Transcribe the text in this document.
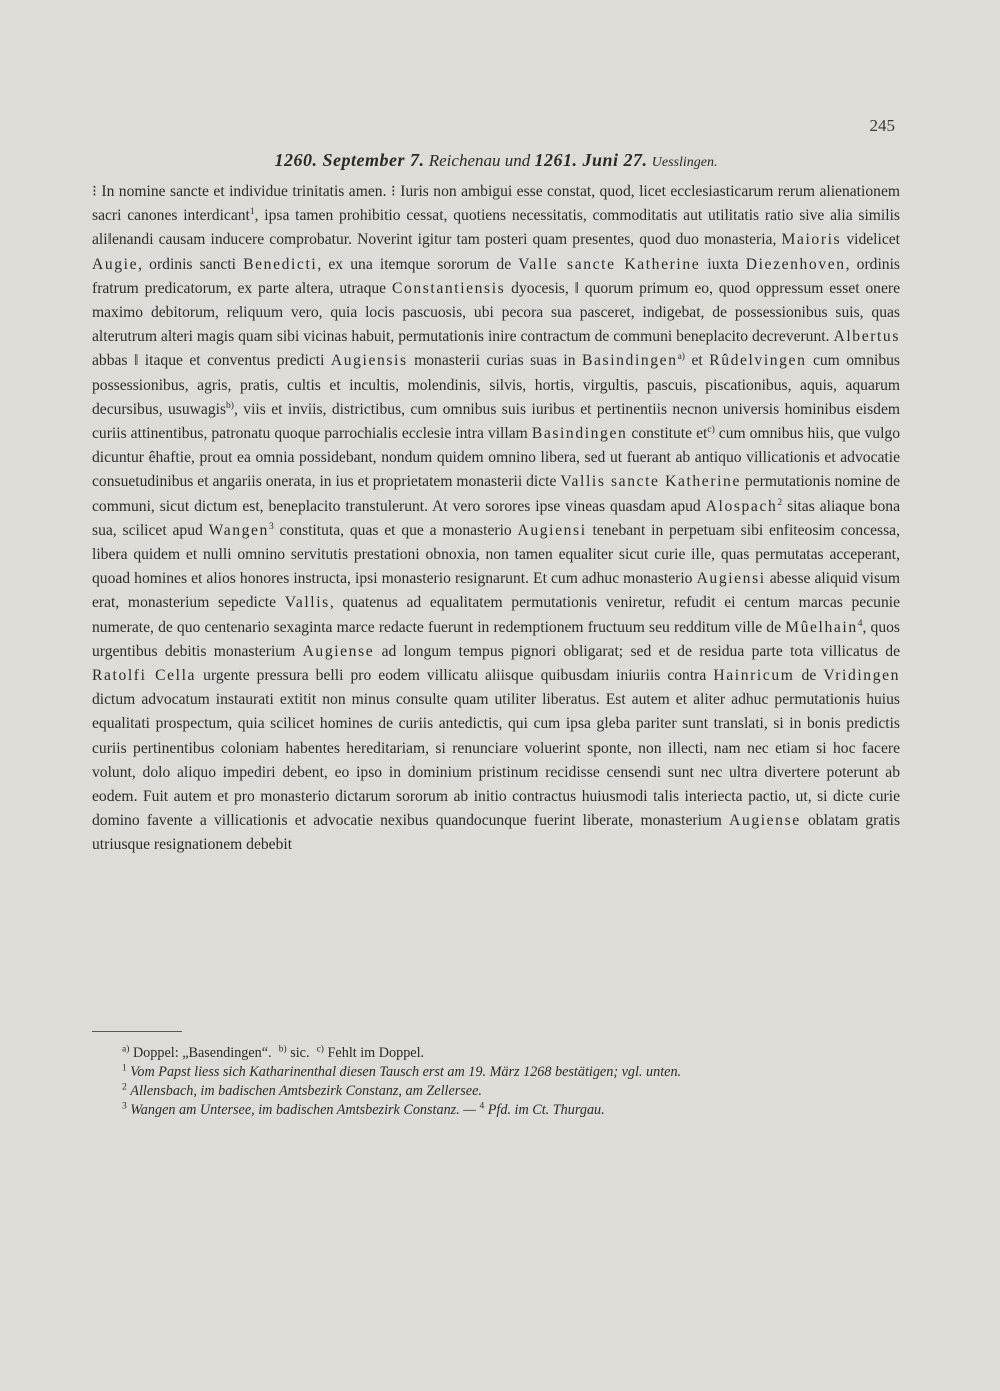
245
1260. September 7. Reichenau und 1261. Juni 27. Uesslingen.

⁝ In nomine sancte et individue trinitatis amen. ⁝ Iuris non ambigui esse constat, quod, licet ecclesiasticarum rerum alienationem sacri canones interdicant$^1$, ipsa tamen prohibitio cessat, quotiens necessitatis, commoditatis aut utilitatis ratio sive alia similis ali‖enandi causam inducere comprobatur. Noverint igitur tam posteri quam presentes, quod duo monasteria, Maioris videlicet Augie, ordinis sancti Benedicti, ex una itemque sororum de Valle sancte Katherine iuxta Diezenhoven, ordinis fratrum predicatorum, ex parte altera, utraque Constantiensis dyocesis, ‖ quorum primum eo, quod oppressum esset onere maximo debitorum, reliquum vero, quia locis pascuosis, ubi pecora sua pasceret, indigebat, de possessionibus suis, quas alterutrum alteri magis quam sibi vicinas habuit, permutationis inire contractum de communi beneplacito decreverunt. Albertus abbas ‖ itaque et conventus predicti Augiensis monasterii curias suas in Basindingen$^{a)}$ et Rûdelvingen cum omnibus possessionibus, agris, pratis, cultis et incultis, molendinis, silvis, hortis, virgultis, pascuis, piscationibus, aquis, aquarum decursibus, usuwagis$^{b)}$, viis et inviis, districtibus, cum omnibus suis iuribus et pertinentiis necnon universis hominibus eisdem curiis attinentibus, patronatu quoque parrochialis ecclesie intra villam Basindingen constitute $et^{c)}$ cum omnibus hiis, que vulgo dicuntur êhaftie, prout ea omnia possidebant, nondum quidem omnino libera, sed ut fuerant ab antiquo villicationis et advocatie consuetudinibus et angariis onerata, in ius et proprietatem monasterii dicte Vallis sancte Katherine permutationis nomine de communi, sicut dictum est, beneplacito transtulerunt. At vero sorores ipse vineas quasdam apud Alospach$^2$ sitas aliaque bona sua, scilicet apud Wangen$^3$ constituta, quas et que a monasterio Augiensi tenebant in perpetuam sibi enfiteosim concessa, libera quidem et nulli omnino servitutis prestationi obnoxia, non tamen equaliter sicut curie ille, quas permutatas acceperant, quoad homines et alios honores instructa, ipsi monasterio resignarunt. Et cum adhuc monasterio Augiensi abesse aliquid visum erat, monasterium sepedicte Vallis, quatenus ad equalitatem permutationis veniretur, refudit ei centum marcas pecunie numerate, de quo centenario sexaginta marce redacte fuerunt in redemptionem fructuum seu redditum ville de Mûelhain$^4$, quos urgentibus debitis monasterium Augiense ad longum tempus pignori obligarat; sed et de residua parte tota villicatus de Ratolfi Cella urgente pressura belli pro eodem villicatu aliisque quibusdam iniuriis contra Hainricum de Vridingen dictum advocatum instaurati extitit non minus consulte quam utiliter liberatus. Est autem et aliter adhuc permutationis huius equalitati prospectum, quia scilicet homines de curiis antedictis, qui cum ipsa gleba pariter sunt translati, si in bonis predictis curiis pertinentibus coloniam habentes hereditariam, si renunciare voluerint sponte, non illecti, nam nec etiam si hoc facere volunt, dolo aliquo impediri debent, eo ipso in dominium pristinum recidisse censendi sunt nec ultra divertere poterunt ab eodem. Fuit autem et pro monasterio dictarum sororum ab initio contractus huiusmodi talis interiecta pactio, ut, si dicte curie domino favente a villicationis et advocatie nexibus quandocunque fuerint liberate, monasterium Augiense oblatam gratis utriusque resignationem debebit

$^{a)}$ Doppel: „Basendingen“. $^{b)}$ sic. $^{c)}$ Fehlt im Doppel.
$^1$ Vom Papst liess sich Katharinenthal diesen Tausch erst am 19. März 1268 bestätigen; vgl. unten.
$^2$ Allensbach, im badischen Amtsbezirk Constanz, am Zellersee.
$^3$ Wangen am Untersee, im badischen Amtsbezirk Constanz. — $^4$ Pfd. im Ct. Thurgau.
